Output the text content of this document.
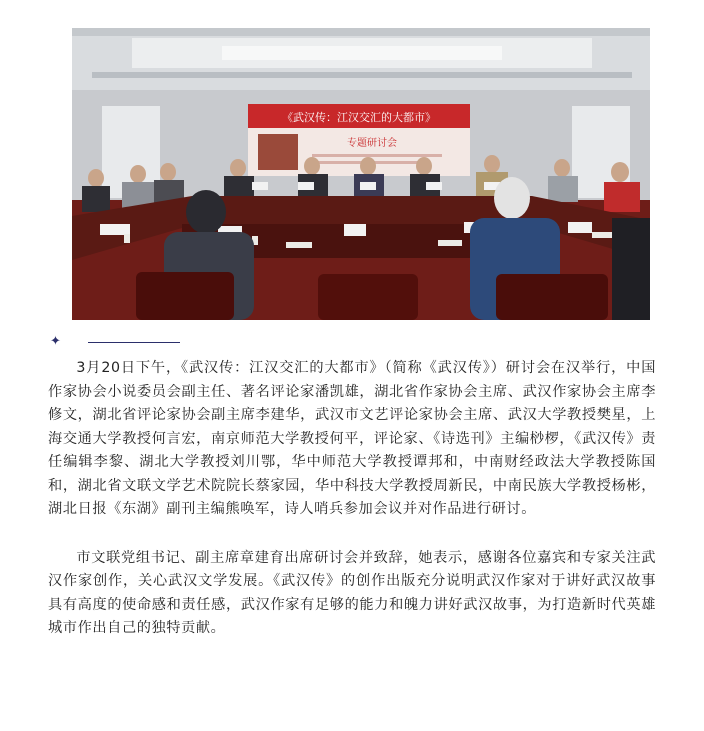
《武汉传：江汉交汇的大都市》
专题研讨会
✦

3月20日下午，《武汉传：江汉交汇的大都市》（简称《武汉传》）研讨会在汉举行，中国作家协会小说委员会副主任、著名评论家潘凯雄，湖北省作家协会主席、武汉作家协会主席李修文，湖北省评论家协会副主席李建华，武汉市文艺评论家协会主席、武汉大学教授樊星，上海交通大学教授何言宏，南京师范大学教授何平，评论家、《诗选刊》主编桫椤，《武汉传》责任编辑李黎、湖北大学教授刘川鄂，华中师范大学教授谭邦和，中南财经政法大学教授陈国和，湖北省文联文学艺术院院长蔡家园，华中科技大学教授周新民，中南民族大学教授杨彬，湖北日报《东湖》副刊主编熊唤军，诗人哨兵参加会议并对作品进行研讨。

市文联党组书记、副主席章建育出席研讨会并致辞，她表示，感谢各位嘉宾和专家关注武汉作家创作，关心武汉文学发展。《武汉传》的创作出版充分说明武汉作家对于讲好武汉故事具有高度的使命感和责任感，武汉作家有足够的能力和魄力讲好武汉故事，为打造新时代英雄城市作出自己的独特贡献。
